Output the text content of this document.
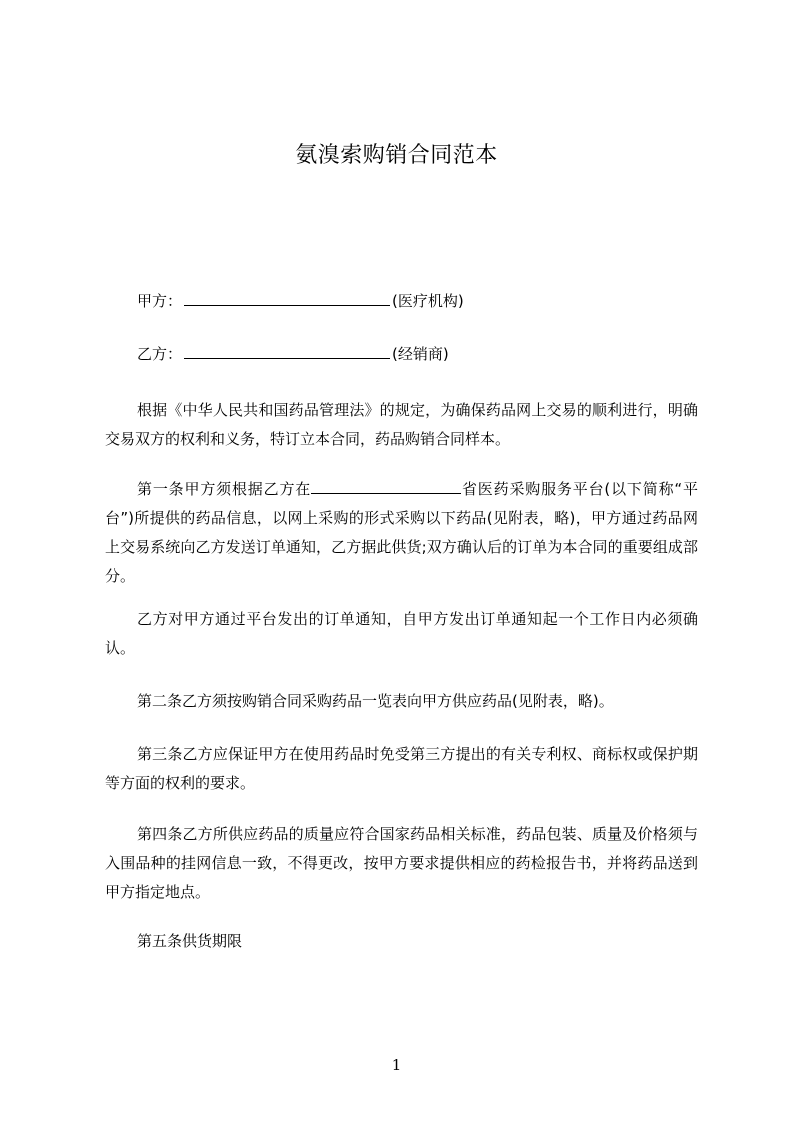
氨溴索购销合同范本
甲方：	(医疗机构)
乙方：	(经销商)

根据《中华人民共和国药品管理法》的规定，为确保药品网上交易的顺利进行，明确交易双方的权利和义务，特订立本合同，药品购销合同样本。

第一条甲方须根据乙方在	省医药采购服务平台(以下简称“平台”)所提供的药品信息，以网上采购的形式采购以下药品(见附表，略)，甲方通过药品网上交易系统向乙方发送订单通知，乙方据此供货;双方确认后的订单为本合同的重要组成部分。

乙方对甲方通过平台发出的订单通知，自甲方发出订单通知起一个工作日内必须确认。

第二条乙方须按购销合同采购药品一览表向甲方供应药品(见附表，略)。

第三条乙方应保证甲方在使用药品时免受第三方提出的有关专利权、商标权或保护期等方面的权利的要求。

第四条乙方所供应药品的质量应符合国家药品相关标准，药品包装、质量及价格须与入围品种的挂网信息一致，不得更改，按甲方要求提供相应的药检报告书，并将药品送到甲方指定地点。

第五条供货期限

1
